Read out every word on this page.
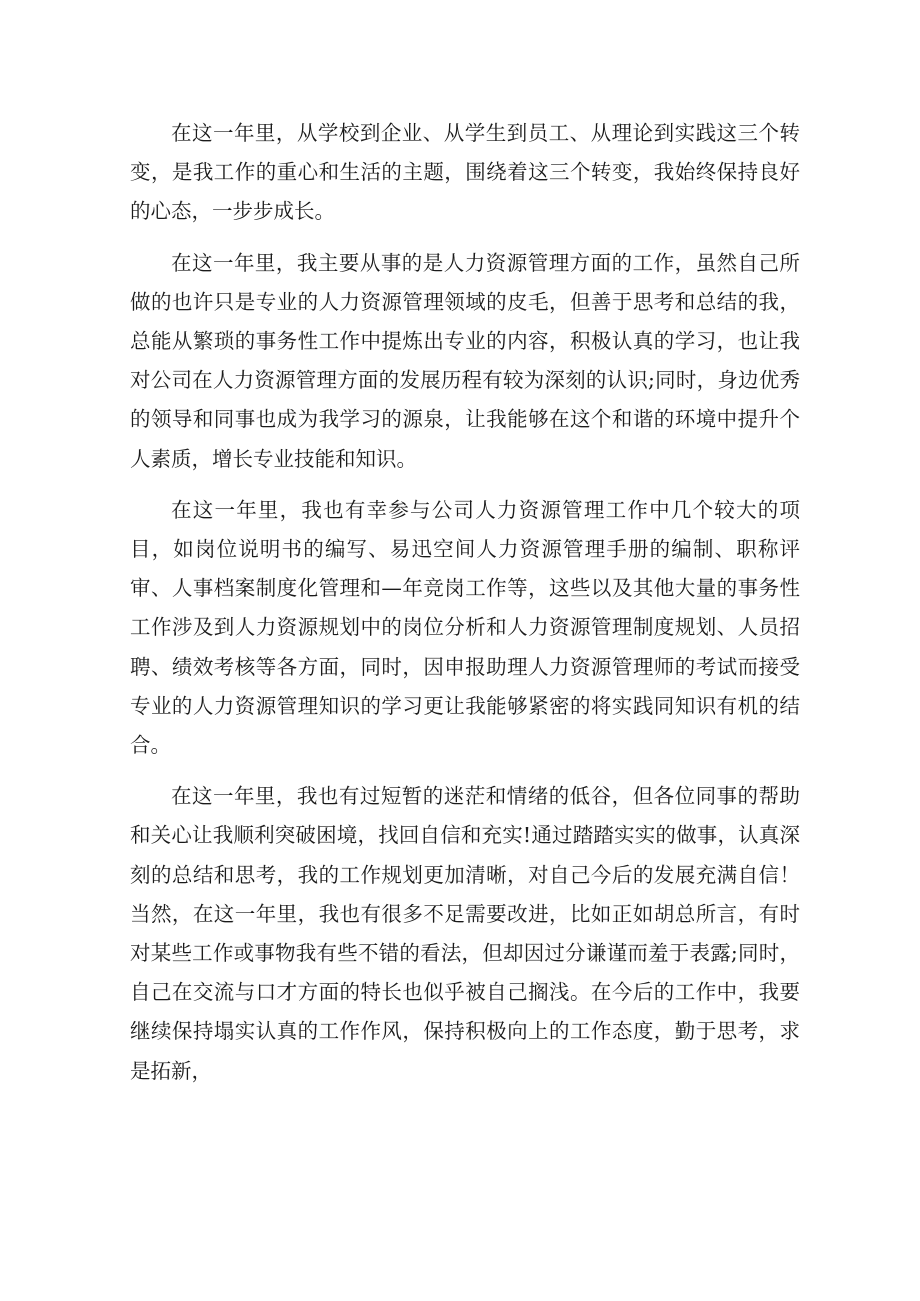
在这一年里，从学校到企业、从学生到员工、从理论到实践这三个转变，是我工作的重心和生活的主题，围绕着这三个转变，我始终保持良好的心态，一步步成长。

在这一年里，我主要从事的是人力资源管理方面的工作，虽然自己所做的也许只是专业的人力资源管理领域的皮毛，但善于思考和总结的我，总能从繁琐的事务性工作中提炼出专业的内容，积极认真的学习，也让我对公司在人力资源管理方面的发展历程有较为深刻的认识;同时，身边优秀的领导和同事也成为我学习的源泉，让我能够在这个和谐的环境中提升个人素质，增长专业技能和知识。

在这一年里，我也有幸参与公司人力资源管理工作中几个较大的项目，如岗位说明书的编写、易迅空间人力资源管理手册的编制、职称评审、人事档案制度化管理和—年竞岗工作等，这些以及其他大量的事务性工作涉及到人力资源规划中的岗位分析和人力资源管理制度规划、人员招聘、绩效考核等各方面，同时，因申报助理人力资源管理师的考试而接受专业的人力资源管理知识的学习更让我能够紧密的将实践同知识有机的结合。

在这一年里，我也有过短暂的迷茫和情绪的低谷，但各位同事的帮助和关心让我顺利突破困境，找回自信和充实!通过踏踏实实的做事，认真深刻的总结和思考，我的工作规划更加清晰，对自己今后的发展充满自信！当然，在这一年里，我也有很多不足需要改进，比如正如胡总所言，有时对某些工作或事物我有些不错的看法，但却因过分谦谨而羞于表露;同时，自己在交流与口才方面的特长也似乎被自己搁浅。在今后的工作中，我要继续保持塌实认真的工作作风，保持积极向上的工作态度，勤于思考，求是拓新，
